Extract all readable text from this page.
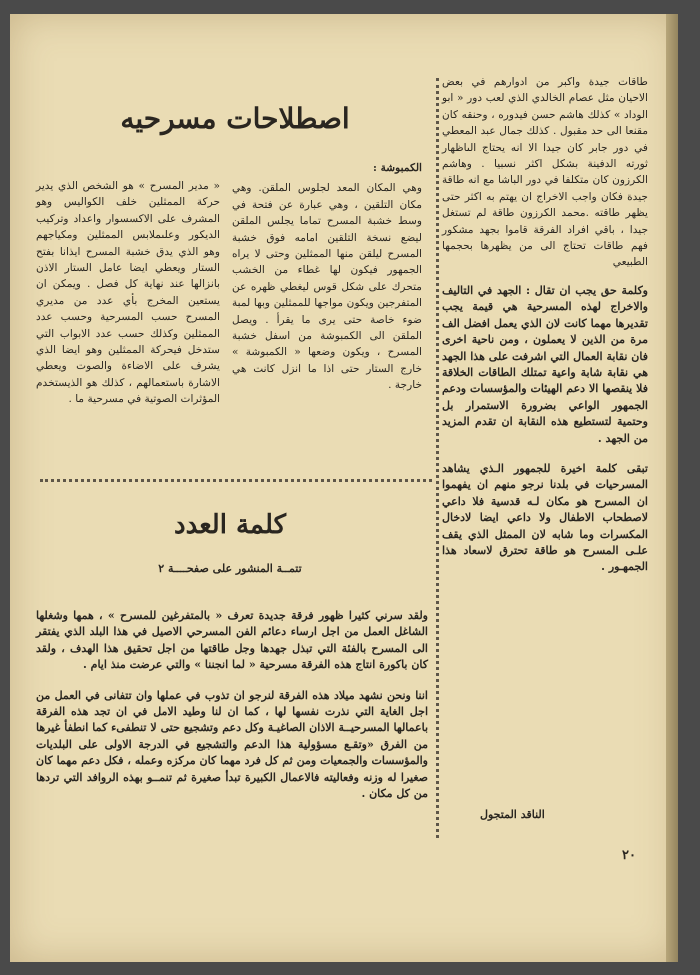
طاقات جيدة واكبر من ادوارهم في بعض الاحيان مثل عصام الخالدي الذي لعب دور « ابو الوداد » كذلك هاشم حسن فيدوره ، وحنقه كان مقنعا الى حد مقبول . كذلك جمال عبد المعطي في دور جابر كان جيدا الا انه يحتاج الىاظهار ثورته الدفينة بشكل اكثر نسبيا . وهاشم الكرزون كان متكلفا في دور الباشا مع انه طاقة جيدة فكان واجب الاخراج ان يهتم به اكثر حتى يظهر طاقته .محمد الكرزون طاقة لم تستغل جيدا ، باقي افراد الفرقة قاموا بجهد مشكور فهم طاقات تحتاج الى من يظهرها بحجمها الطبيعي

وكلمة حق يجب ان تقال : الجهد في التاليف والاخراج لهذه المسرحية هي قيمة يجب تقديرها مهما كانت لان الذي يعمل افضل الف مرة من الذين لا يعملون ، ومن ناحية اخرى فان نقابة العمال التي اشرفت على هذا الجهد هي نقابة شابة واعية تمتلك الطاقات الخلاقة فلا ينقصها الا دعم الهيئات والمؤسسات ودعم الجمهور الواعي بضرورة الاستمرار بل وحتمية لتستطيع هذه النقابة ان تقدم المزيد من الجهد .

تبقى كلمة اخيرة للجمهور الـذي يشاهد المسرحيات في بلدنا نرجو منهم ان يفهموا ان المسرح هو مكان لـه قدسية فلا داعي لاصطحاب الاطفال ولا داعي ايضا لادخال المكسرات وما شابه لان الممثل الذي يقف علـى المسرح هو طاقة تحترق لاسعاد هذا الجمهـور .

الناقد المتجول
اصطلاحات مسرحيه
الكمبوشة :

وهي المكان المعد لجلوس الملقن. وهي مكان التلقين ، وهي عبارة عن فتحة في وسط خشبة المسرح تماما يجلس الملقن ليضع نسخة التلقين امامه فوق خشبة المسرح ليلقن منها الممثلين وحتى لا يراه الجمهور فيكون لها غطاء من الخشب متحرك على شكل قوس ليغطي ظهره عن المتفرجين ويكون مواجها للممثلين وبها لمبة ضوء خاصة حتى يرى ما يقرأ . ويصل الملقن الى الكمبوشة من اسفل خشبة المسرح ، ويكون وضعها « الكمبوشة » خارج الستار حتى اذا ما انزل كانت هي خارجة .

« مدير المسرح » هو الشخص الذي يدير حركة الممثلين خلف الكواليس وهو المشرف على الاكسسوار واعداد وتركيب الديكور وعلىملابس الممثلين ومكياجهم وهو الذي يدق خشبة المسرح ايذانا بفتح الستار ويعطي ايضا عامل الستار الاذن بانزالها عند نهاية كل فصل . ويمكن ان يستعين المخرج بأي عدد من مديري المسرح حسب المسرحية وحسب عدد الممثلين وكذلك حسب عدد الابواب التي ستدخل فيحركة الممثلين وهو ايضا الذي يشرف على الاضاءة والصوت ويعطي الاشارة باستعمالهم ، كذلك هو الذيستخدم المؤثرات الصوتية في مسرحية ما .

كلمة العدد
تتمــة المنشور على صفحــــة ٢

ولقد سرني كثيرا ظهور فرقة جديدة تعرف « بالمتفرغين للمسرح » ، همها وشغلها الشاغل العمل من اجل ارساء دعائم الفن المسرحي الاصيل في هذا البلد الذي يفتقر الى المسرح بالفئة التي تبذل جهدها وجل طاقتها من اجل تحقيق هذا الهدف ، ولقد كان باكورة انتاج هذه الفرقة مسرحية « لما انجننا » والتي عرضت منذ ايام .

اننا ونحن نشهد ميلاد هذه الفرقة لنرجو ان تذوب في عملها وان تتفانى في العمل من اجل الغاية التي نذرت نفسها لها ، كما ان لنا وطيد الامل في ان تجد هذه الفرقة باعمالها المسرحيــة الاذان الصاغيـة وكل دعم وتشجيع حتى لا تنطفىء كما انطفأ غيرها من الفرق «وتقـع مسؤولية هذا الدعم والتشجيع في الدرجة الاولى على البلديات والمؤسسات والجمعيات ومن ثم كل فرد مهما كان مركزه وعمله ، فكل دعم مهما كان صغيرا له وزنه وفعاليته فالاعمال الكبيرة تبدأ صغيرة ثم تنمــو بهذه الروافد التي تردها من كل مكان .

٢٠
